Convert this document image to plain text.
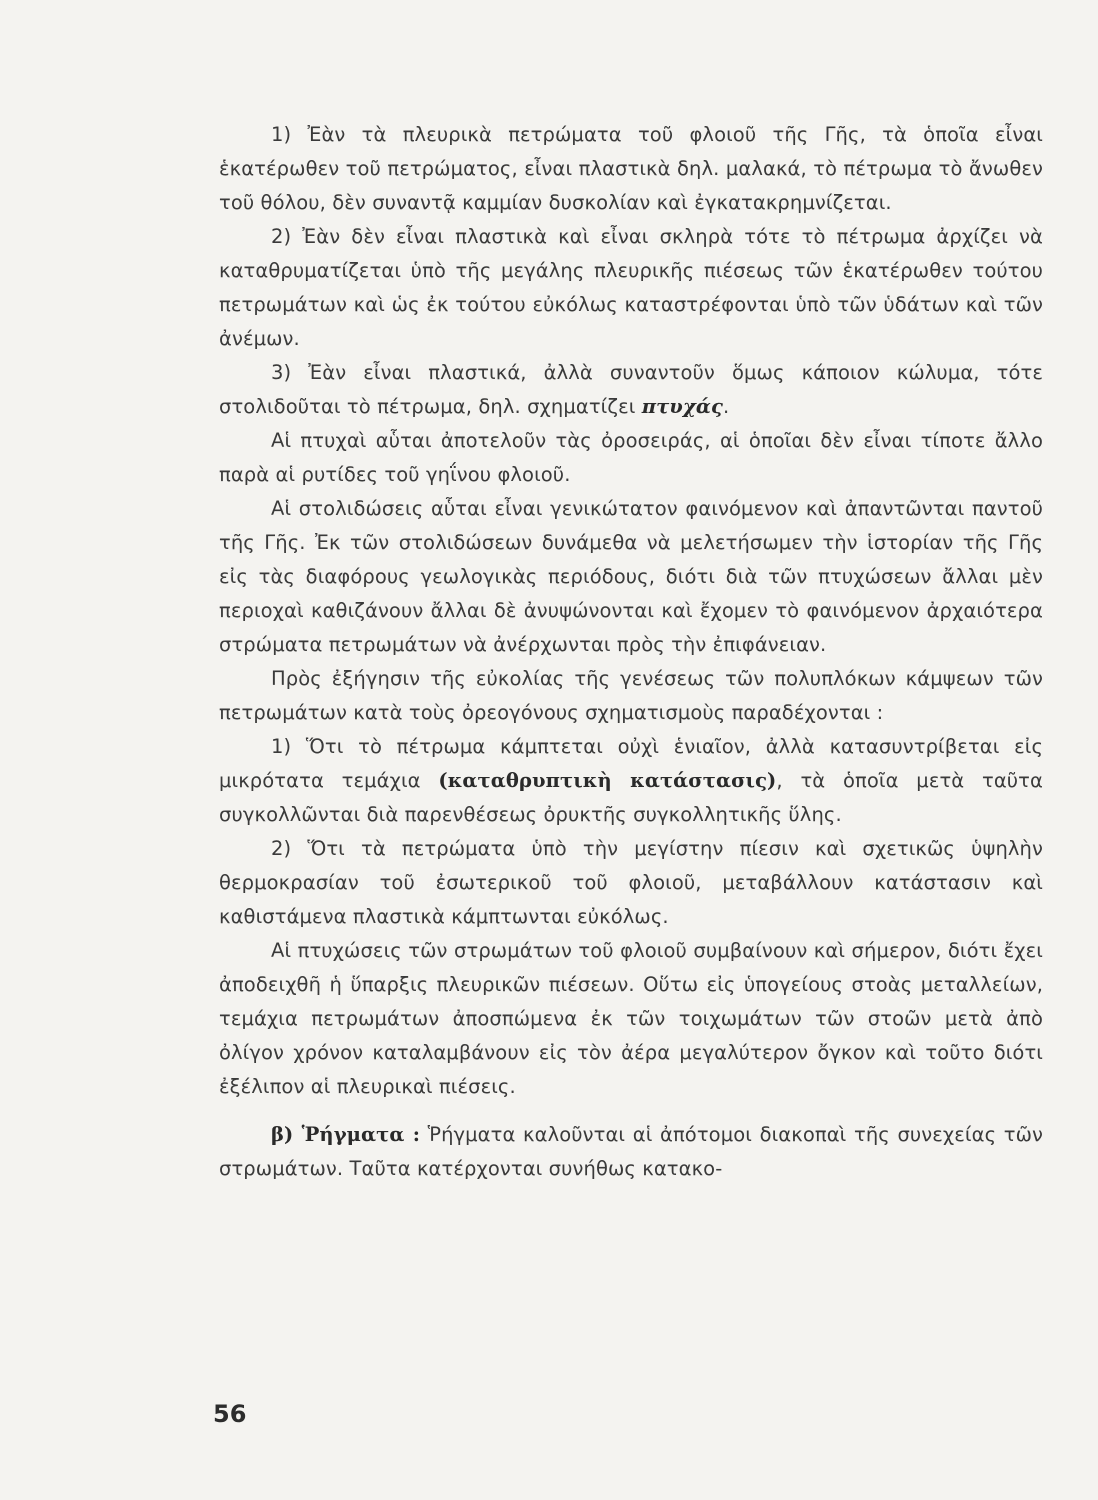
1) Ἐὰν τὰ πλευρικὰ πετρώματα τοῦ φλοιοῦ τῆς Γῆς, τὰ ὁποῖα εἶναι ἑκατέρωθεν τοῦ πετρώματος, εἶναι πλαστικὰ δηλ. μαλακά, τὸ πέτρωμα τὸ ἄνωθεν τοῦ θόλου, δὲν συναντᾷ καμμίαν δυσκολίαν καὶ ἐγκατακρημνίζεται.

2) Ἐὰν δὲν εἶναι πλαστικὰ καὶ εἶναι σκληρὰ τότε τὸ πέτρωμα ἀρχίζει νὰ καταθρυματίζεται ὑπὸ τῆς μεγάλης πλευρικῆς πιέσεως τῶν ἑκατέρωθεν τούτου πετρωμάτων καὶ ὡς ἐκ τούτου εὐκόλως καταστρέφονται ὑπὸ τῶν ὑδάτων καὶ τῶν ἀνέμων.

3) Ἐὰν εἶναι πλαστικά, ἀλλὰ συναντοῦν ὅμως κάποιον κώλυμα, τότε στολιδοῦται τὸ πέτρωμα, δηλ. σχηματίζει πτυχάς.

Αἱ πτυχαὶ αὗται ἀποτελοῦν τὰς ὀροσειράς, αἱ ὁποῖαι δὲν εἶναι τίποτε ἄλλο παρὰ αἱ ρυτίδες τοῦ γηΐνου φλοιοῦ.

Αἱ στολιδώσεις αὗται εἶναι γενικώτατον φαινόμενον καὶ ἀπαντῶνται παντοῦ τῆς Γῆς. Ἐκ τῶν στολιδώσεων δυνάμεθα νὰ μελετήσωμεν τὴν ἱστορίαν τῆς Γῆς εἰς τὰς διαφόρους γεωλογικὰς περιόδους, διότι διὰ τῶν πτυχώσεων ἄλλαι μὲν περιοχαὶ καθιζάνουν ἄλλαι δὲ ἀνυψώνονται καὶ ἔχομεν τὸ φαινόμενον ἀρχαιότερα στρώματα πετρωμάτων νὰ ἀνέρχωνται πρὸς τὴν ἐπιφάνειαν.

Πρὸς ἐξήγησιν τῆς εὐκολίας τῆς γενέσεως τῶν πολυπλόκων κάμψεων τῶν πετρωμάτων κατὰ τοὺς ὀρεογόνους σχηματισμοὺς παραδέχονται :

1) Ὅτι τὸ πέτρωμα κάμπτεται οὐχὶ ἑνιαῖον, ἀλλὰ κατασυντρίβεται εἰς μικρότατα τεμάχια (καταθρυπτικὴ κατάστασις), τὰ ὁποῖα μετὰ ταῦτα συγκολλῶνται διὰ παρενθέσεως ὀρυκτῆς συγκολλητικῆς ὕλης.

2) Ὅτι τὰ πετρώματα ὑπὸ τὴν μεγίστην πίεσιν καὶ σχετικῶς ὑψηλὴν θερμοκρασίαν τοῦ ἐσωτερικοῦ τοῦ φλοιοῦ, μεταβάλλουν κατάστασιν καὶ καθιστάμενα πλαστικὰ κάμπτωνται εὐκόλως.

Αἱ πτυχώσεις τῶν στρωμάτων τοῦ φλοιοῦ συμβαίνουν καὶ σήμερον, διότι ἔχει ἀποδειχθῆ ἡ ὕπαρξις πλευρικῶν πιέσεων. Οὕτω εἰς ὑπογείους στοὰς μεταλλείων, τεμάχια πετρωμάτων ἀποσπώμενα ἐκ τῶν τοιχωμάτων τῶν στοῶν μετὰ ἀπὸ ὀλίγον χρόνον καταλαμβάνουν εἰς τὸν ἀέρα μεγαλύτερον ὄγκον καὶ τοῦτο διότι ἐξέλιπον αἱ πλευρικαὶ πιέσεις.

β) Ῥήγματα : Ῥήγματα καλοῦνται αἱ ἀπότομοι διακοπαὶ τῆς συνεχείας τῶν στρωμάτων. Ταῦτα κατέρχονται συνήθως κατακο-

56
